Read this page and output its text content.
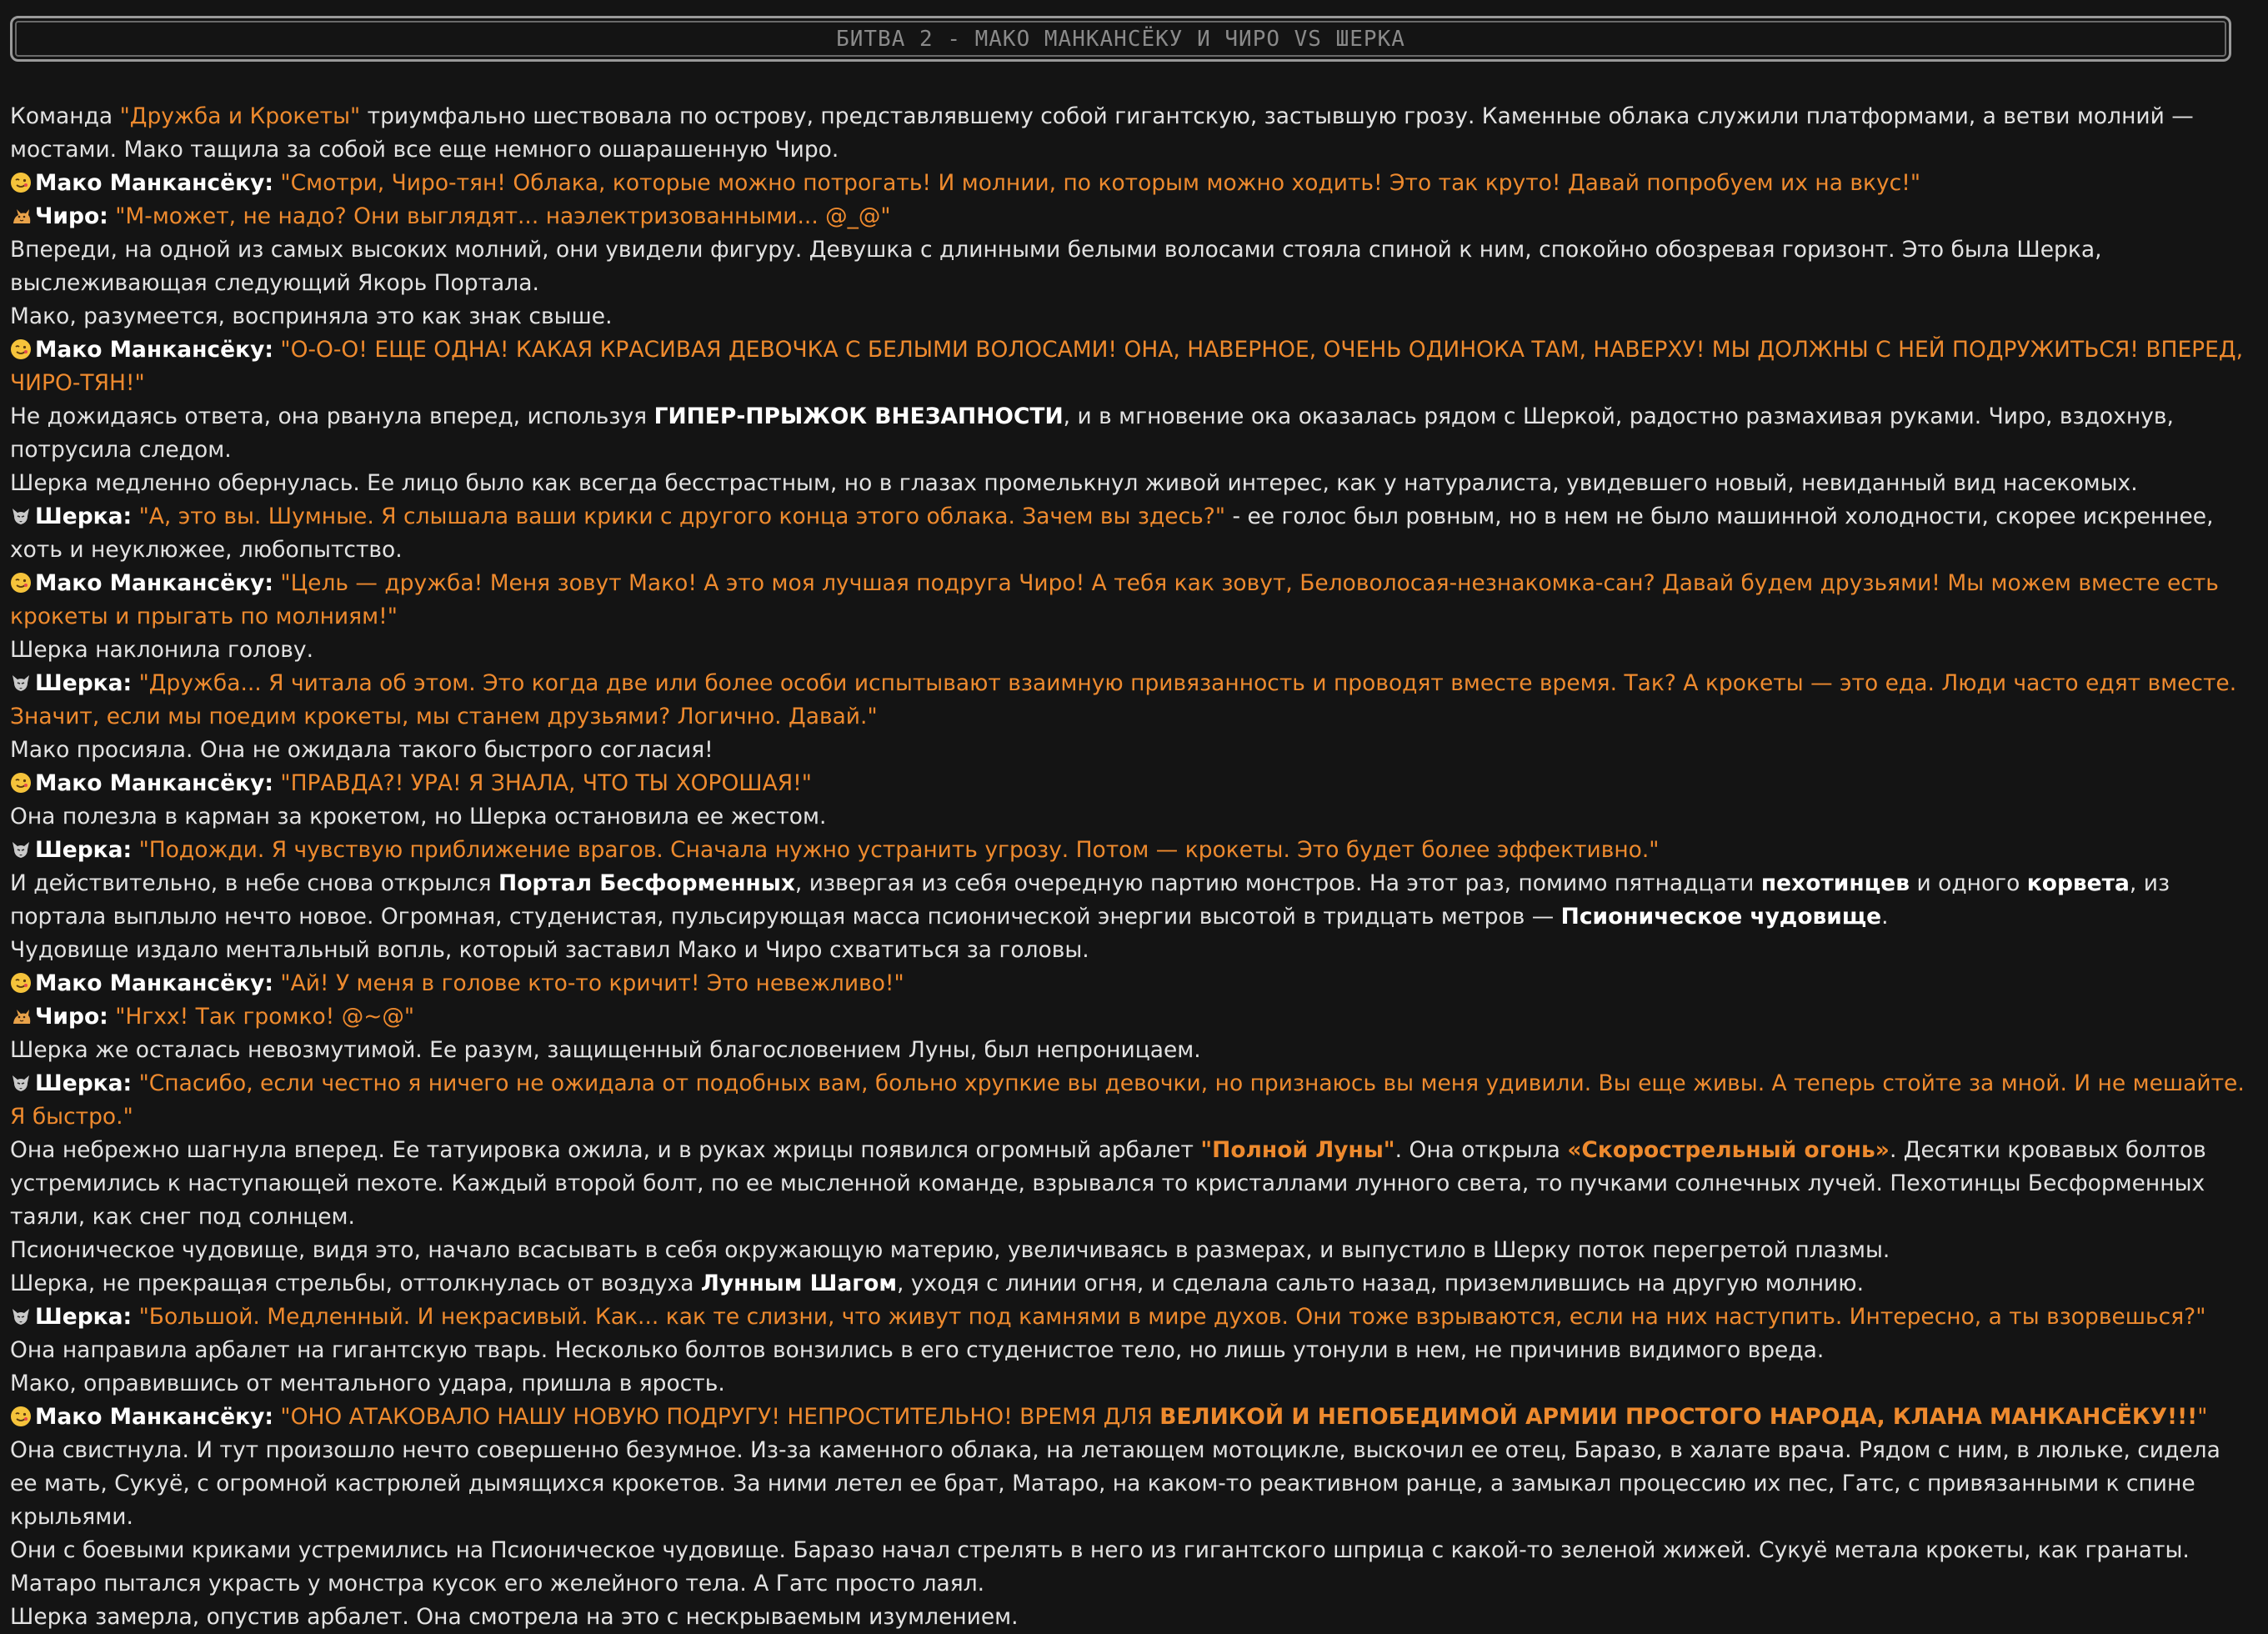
БИТВА 2 - МАКО МАНКАНСЁКУ И ЧИРО VS ШЕРКА

Команда "Дружба и Крокеты" триумфально шествовала по острову, представлявшему собой гигантскую, застывшую грозу. Каменные облака служили платформами, а ветви молний — мостами. Мако тащила за собой все еще немного ошарашенную Чиро.

Мако Манкансёку: "Смотри, Чиро-тян! Облака, которые можно потрогать! И молнии, по которым можно ходить! Это так круто! Давай попробуем их на вкус!"

Чиро: "М-может, не надо? Они выглядят... наэлектризованными... @_@"

Впереди, на одной из самых высоких молний, они увидели фигуру. Девушка с длинными белыми волосами стояла спиной к ним, спокойно обозревая горизонт. Это была Шерка, выслеживающая следующий Якорь Портала.

Мако, разумеется, восприняла это как знак свыше.

Мако Манкансёку: "О-О-О! ЕЩЕ ОДНА! КАКАЯ КРАСИВАЯ ДЕВОЧКА С БЕЛЫМИ ВОЛОСАМИ! ОНА, НАВЕРНОЕ, ОЧЕНЬ ОДИНОКА ТАМ, НАВЕРХУ! МЫ ДОЛЖНЫ С НЕЙ ПОДРУЖИТЬСЯ! ВПЕРЕД, ЧИРО-ТЯН!"

Не дожидаясь ответа, она рванула вперед, используя ГИПЕР-ПРЫЖОК ВНЕЗАПНОСТИ, и в мгновение ока оказалась рядом с Шеркой, радостно размахивая руками. Чиро, вздохнув, потрусила следом.

Шерка медленно обернулась. Ее лицо было как всегда бесстрастным, но в глазах промелькнул живой интерес, как у натуралиста, увидевшего новый, невиданный вид насекомых.

Шерка: "А, это вы. Шумные. Я слышала ваши крики с другого конца этого облака. Зачем вы здесь?" - ее голос был ровным, но в нем не было машинной холодности, скорее искреннее, хоть и неуклюжее, любопытство.

Мако Манкансёку: "Цель — дружба! Меня зовут Мако! А это моя лучшая подруга Чиро! А тебя как зовут, Беловолосая-незнакомка-сан? Давай будем друзьями! Мы можем вместе есть крокеты и прыгать по молниям!"

Шерка наклонила голову.

Шерка: "Дружба... Я читала об этом. Это когда две или более особи испытывают взаимную привязанность и проводят вместе время. Так? А крокеты — это еда. Люди часто едят вместе. Значит, если мы поедим крокеты, мы станем друзьями? Логично. Давай."

Мако просияла. Она не ожидала такого быстрого согласия!

Мако Манкансёку: "ПРАВДА?! УРА! Я ЗНАЛА, ЧТО ТЫ ХОРОШАЯ!"

Она полезла в карман за крокетом, но Шерка остановила ее жестом.

Шерка: "Подожди. Я чувствую приближение врагов. Сначала нужно устранить угрозу. Потом — крокеты. Это будет более эффективно."

И действительно, в небе снова открылся Портал Бесформенных, извергая из себя очередную партию монстров. На этот раз, помимо пятнадцати пехотинцев и одного корвета, из портала выплыло нечто новое. Огромная, студенистая, пульсирующая масса псионической энергии высотой в тридцать метров — Псионическое чудовище.

Чудовище издало ментальный вопль, который заставил Мако и Чиро схватиться за головы.

Мако Манкансёку: "Ай! У меня в голове кто-то кричит! Это невежливо!"

Чиро: "Нгхх! Так громко! @~@"

Шерка же осталась невозмутимой. Ее разум, защищенный благословением Луны, был непроницаем.

Шерка: "Спасибо, если честно я ничего не ожидала от подобных вам, больно хрупкие вы девочки, но признаюсь вы меня удивили. Вы еще живы. А теперь стойте за мной. И не мешайте. Я быстро."

Она небрежно шагнула вперед. Ее татуировка ожила, и в руках жрицы появился огромный арбалет "Полной Луны". Она открыла «Скорострельный огонь». Десятки кровавых болтов устремились к наступающей пехоте. Каждый второй болт, по ее мысленной команде, взрывался то кристаллами лунного света, то пучками солнечных лучей. Пехотинцы Бесформенных таяли, как снег под солнцем.

Псионическое чудовище, видя это, начало всасывать в себя окружающую материю, увеличиваясь в размерах, и выпустило в Шерку поток перегретой плазмы.

Шерка, не прекращая стрельбы, оттолкнулась от воздуха Лунным Шагом, уходя с линии огня, и сделала сальто назад, приземлившись на другую молнию.

Шерка: "Большой. Медленный. И некрасивый. Как... как те слизни, что живут под камнями в мире духов. Они тоже взрываются, если на них наступить. Интересно, а ты взорвешься?"

Она направила арбалет на гигантскую тварь. Несколько болтов вонзились в его студенистое тело, но лишь утонули в нем, не причинив видимого вреда.

Мако, оправившись от ментального удара, пришла в ярость.

Мако Манкансёку: "ОНО АТАКОВАЛО НАШУ НОВУЮ ПОДРУГУ! НЕПРОСТИТЕЛЬНО! ВРЕМЯ ДЛЯ ВЕЛИКОЙ И НЕПОБЕДИМОЙ АРМИИ ПРОСТОГО НАРОДА, КЛАНА МАНКАНСЁКУ!!!"

Она свистнула. И тут произошло нечто совершенно безумное. Из-за каменного облака, на летающем мотоцикле, выскочил ее отец, Баразо, в халате врача. Рядом с ним, в люльке, сидела ее мать, Сукуё, с огромной кастрюлей дымящихся крокетов. За ними летел ее брат, Матаро, на каком-то реактивном ранце, а замыкал процессию их пес, Гатс, с привязанными к спине крыльями.

Они с боевыми криками устремились на Псионическое чудовище. Баразо начал стрелять в него из гигантского шприца с какой-то зеленой жижей. Сукуё метала крокеты, как гранаты. Матаро пытался украсть у монстра кусок его желейного тела. А Гатс просто лаял.

Шерка замерла, опустив арбалет. Она смотрела на это с нескрываемым изумлением.
